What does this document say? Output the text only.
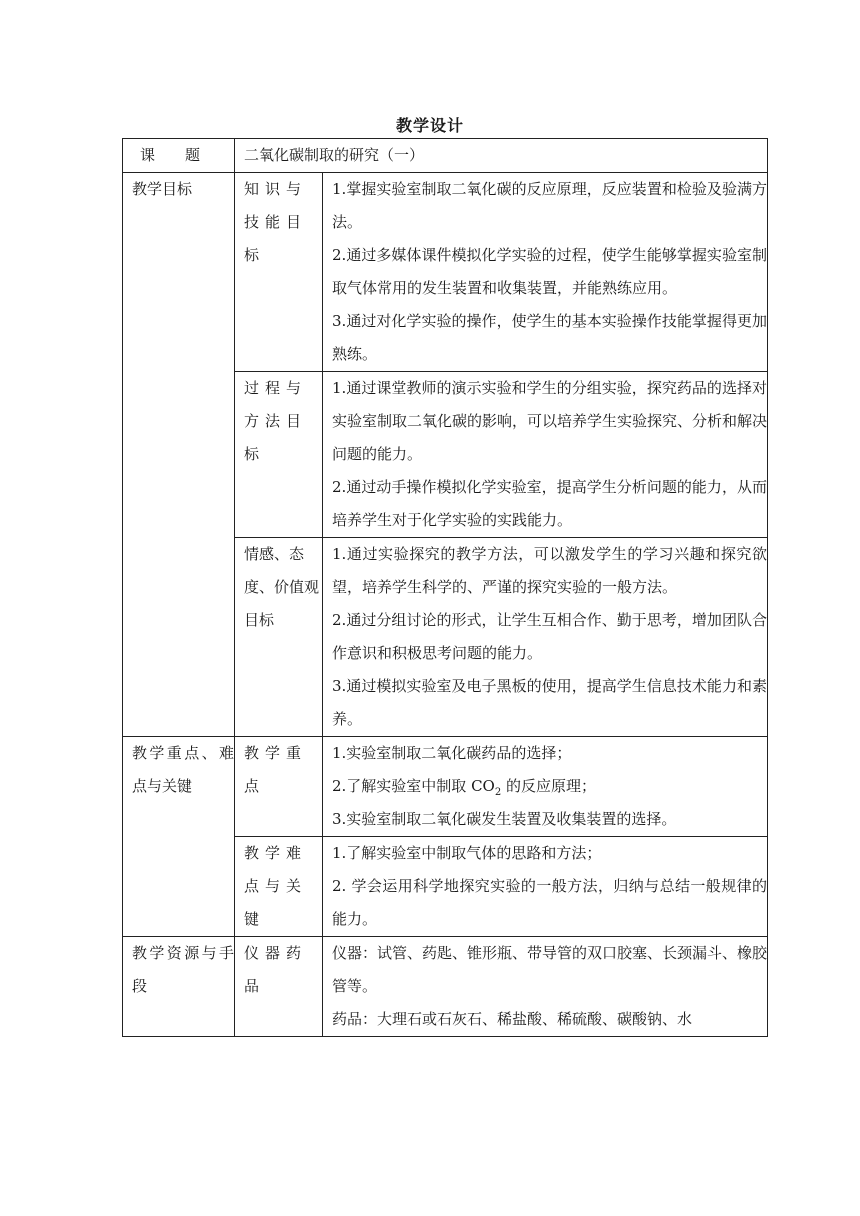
教学设计
课题	二氧化碳制取的研究（一）	
教学目标	知识与技能目标	1.掌握实验室制取二氧化碳的反应原理，反应装置和检验及验满方法。
2.通过多媒体课件模拟化学实验的过程，使学生能够掌握实验室制取气体常用的发生装置和收集装置，并能熟练应用。
3.通过对化学实验的操作，使学生的基本实验操作技能掌握得更加熟练。

	过程与方法目标	1.通过课堂教师的演示实验和学生的分组实验，探究药品的选择对实验室制取二氧化碳的影响，可以培养学生实验探究、分析和解决问题的能力。
2.通过动手操作模拟化学实验室，提高学生分析问题的能力，从而培养学生对于化学实验的实践能力。

	情感、态度、价值观目标	1.通过实验探究的教学方法，可以激发学生的学习兴趣和探究欲望，培养学生科学的、严谨的探究实验的一般方法。
2.通过分组讨论的形式，让学生互相合作、勤于思考，增加团队合作意识和积极思考问题的能力。
3.通过模拟实验室及电子黑板的使用，提高学生信息技术能力和素养。

教学重点、难点与关键	教学重点	1.实验室制取二氧化碳药品的选择；
2.了解实验室中制取 $CO_2$ 的反应原理；
3.实验室制取二氧化碳发生装置及收集装置的选择。

	教学难点与关键	1.了解实验室中制取气体的思路和方法；
2. 学会运用科学地探究实验的一般方法，归纳与总结一般规律的能力。

教学资源与手段	仪器药品	仪器：试管、药匙、锥形瓶、带导管的双口胶塞、长颈漏斗、橡胶管等。
药品：大理石或石灰石、稀盐酸、稀硫酸、碳酸钠、水
